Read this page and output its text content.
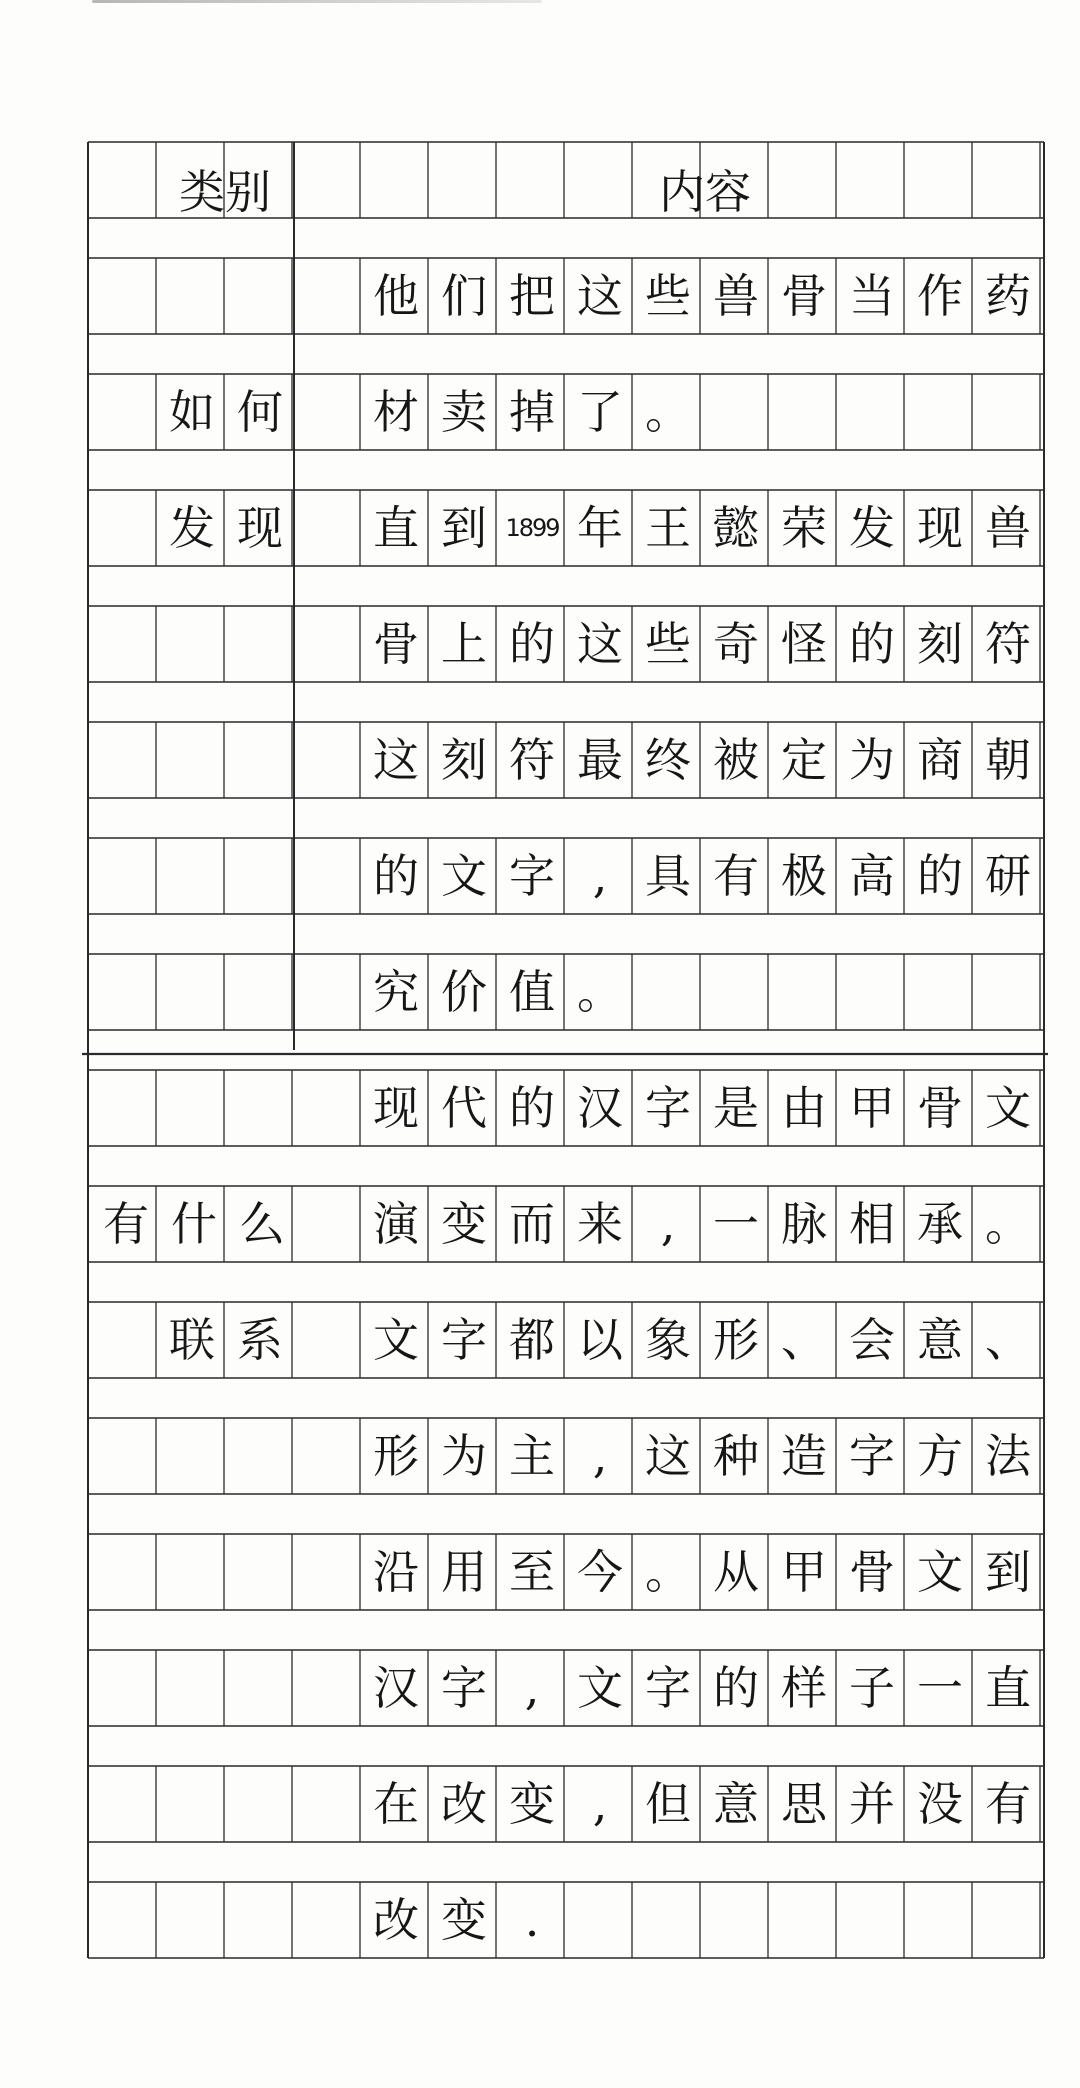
类别	内容
如 何
发 现
他 们 把 这 些 兽 骨 当 作 药
材 卖 掉 了 。
直 到 1899 年 王 懿 荣 发 现 兽
骨 上 的 这 些 奇 怪 的 刻 符
这 刻 符 最 终 被 定 为 商 朝
的 文 字 , 具 有 极 高 的 研
究 价 值 。
有 什 么
联 系
现 代 的 汉 字 是 由 甲 骨 文
演 变 而 来 , 一 脉 相 承 。
文 字 都 以 象 形 、 会 意 、
形 为 主 , 这 种 造 字 方 法
沿 用 至 今 。 从 甲 骨 文 到
汉 字 , 文 字 的 样 子 一 直
在 改 变 , 但 意 思 并 没 有
改 变 .
